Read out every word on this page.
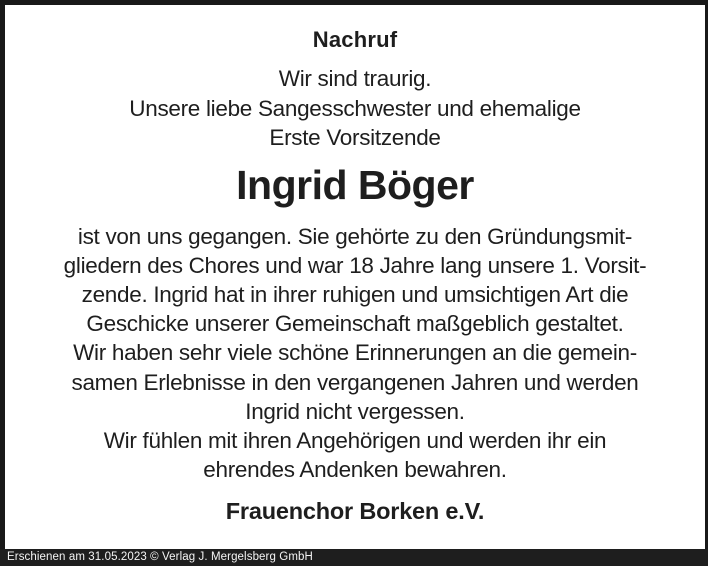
Nachruf
Wir sind traurig.
Unsere liebe Sangesschwester und ehemalige
Erste Vorsitzende
Ingrid Böger
ist von uns gegangen. Sie gehörte zu den Gründungsmit-
gliedern des Chores und war 18 Jahre lang unsere 1. Vorsit-
zende. Ingrid hat in ihrer ruhigen und umsichtigen Art die
Geschicke unserer Gemeinschaft maßgeblich gestaltet.
Wir haben sehr viele schöne Erinnerungen an die gemein-
samen Erlebnisse in den vergangenen Jahren und werden
Ingrid nicht vergessen.
Wir fühlen mit ihren Angehörigen und werden ihr ein
ehrendes Andenken bewahren.
Frauenchor Borken e.V.
Erschienen am 31.05.2023 © Verlag J. Mergelsberg GmbH
